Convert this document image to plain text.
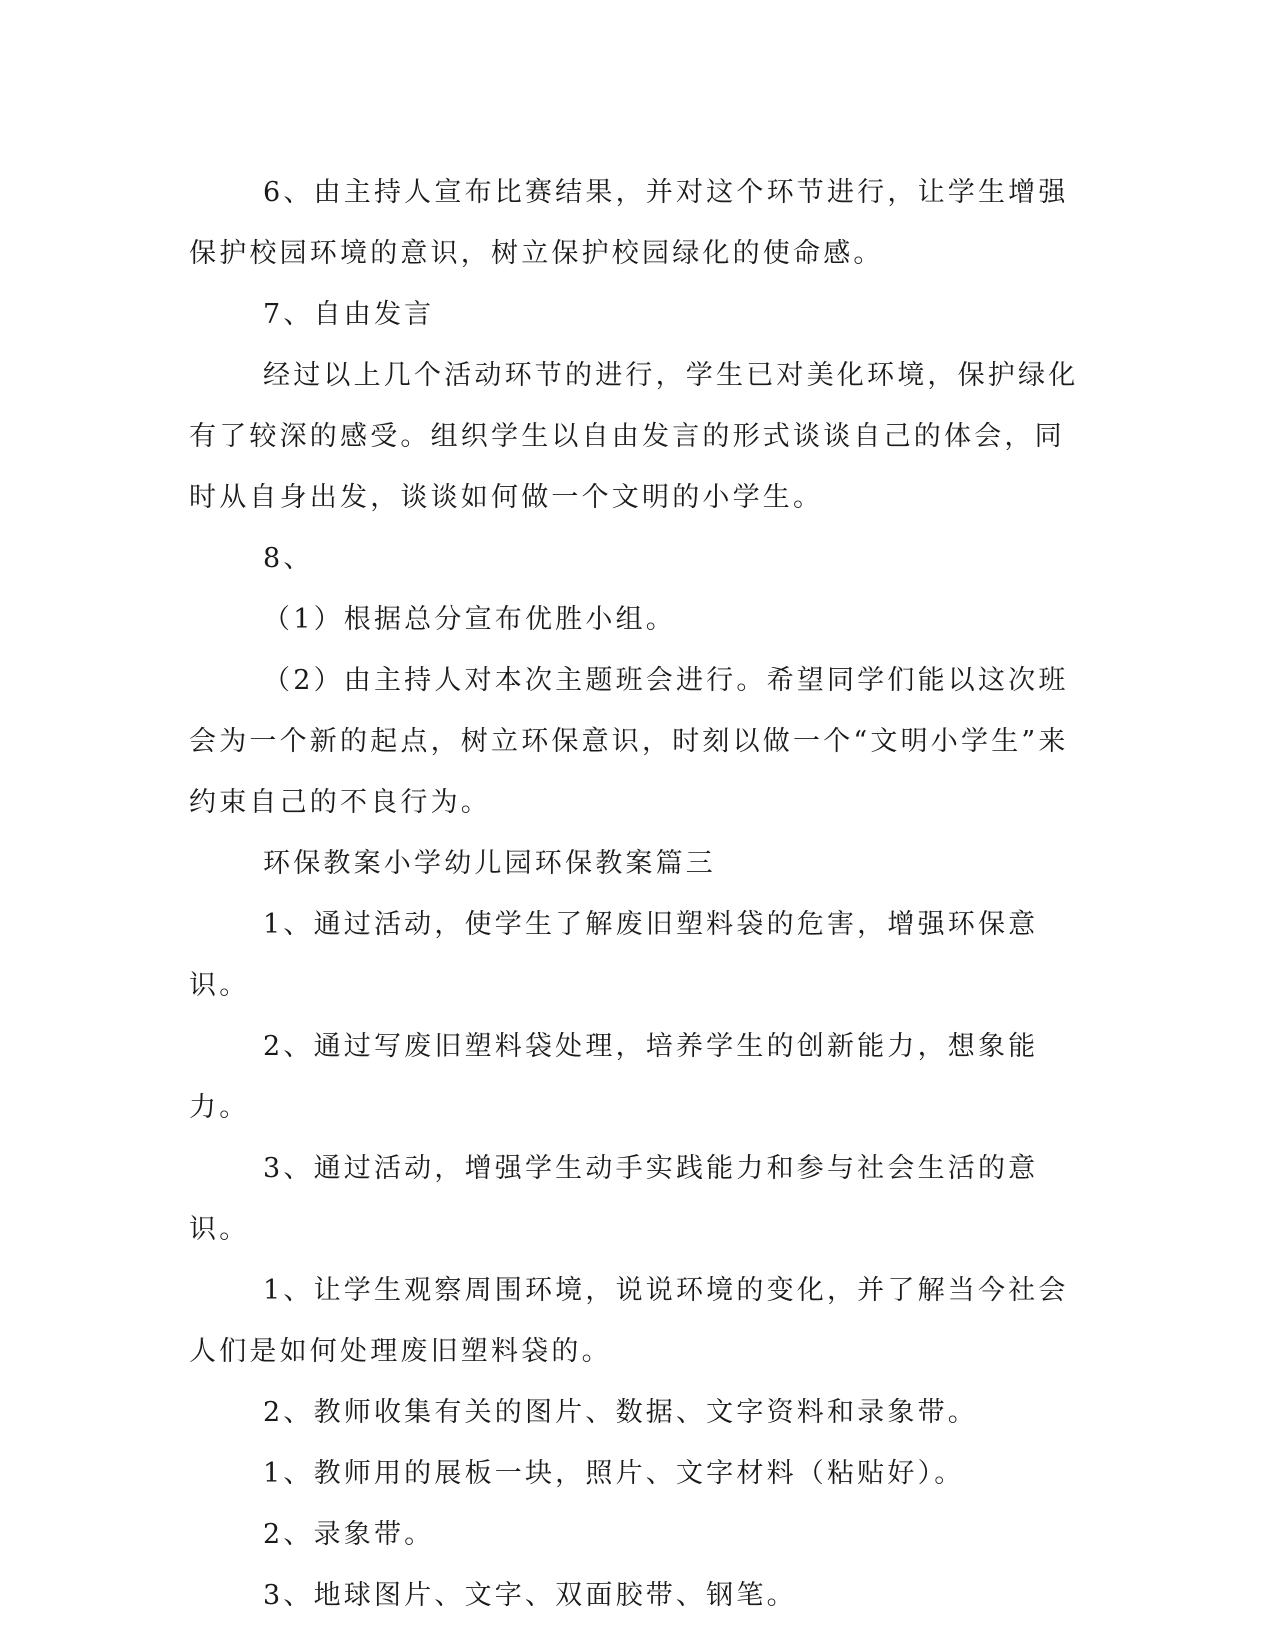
6、由主持人宣布比赛结果，并对这个环节进行，让学生增强保护校园环境的意识，树立保护校园绿化的使命感。

7、自由发言

经过以上几个活动环节的进行，学生已对美化环境，保护绿化有了较深的感受。组织学生以自由发言的形式谈谈自己的体会，同时从自身出发，谈谈如何做一个文明的小学生。

8、

（1）根据总分宣布优胜小组。

（2）由主持人对本次主题班会进行。希望同学们能以这次班会为一个新的起点，树立环保意识，时刻以做一个“文明小学生”来约束自己的不良行为。

环保教案小学幼儿园环保教案篇三

1、通过活动，使学生了解废旧塑料袋的危害，增强环保意识。

2、通过写废旧塑料袋处理，培养学生的创新能力，想象能力。

3、通过活动，增强学生动手实践能力和参与社会生活的意识。

1、让学生观察周围环境，说说环境的变化，并了解当今社会人们是如何处理废旧塑料袋的。

2、教师收集有关的图片、数据、文字资料和录象带。

1、教师用的展板一块，照片、文字材料（粘贴好）。

2、录象带。

3、地球图片、文字、双面胶带、钢笔。
